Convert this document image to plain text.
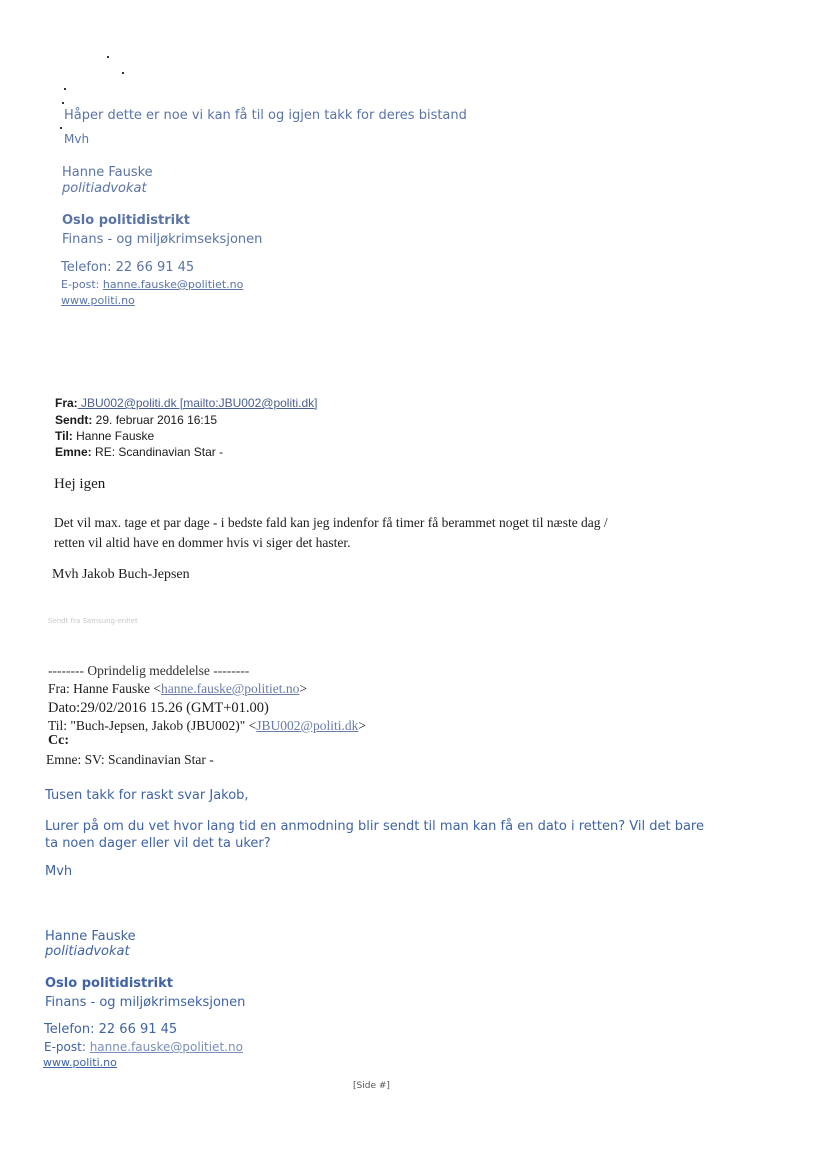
Håper dette er noe vi kan få til og igjen takk for deres bistand
Mvh
Hanne Fauske
politiadvokat
Oslo politidistrikt
Finans - og miljøkrimseksjonen
Telefon: 22 66 91 45
E-post: hanne.fauske@politiet.no
www.politi.no
Fra: JBU002@politi.dk [mailto:JBU002@politi.dk]
Sendt: 29. februar 2016 16:15
Til: Hanne Fauske
Emne: RE: Scandinavian Star -
Hej igen
Det vil max. tage et par dage - i bedste fald kan jeg indenfor få timer få berammet noget til næste dag /
retten vil altid have en dommer hvis vi siger det haster.
Mvh Jakob Buch-Jepsen
Sendt fra Samsung-enhet
-------- Oprindelig meddelelse --------
Fra: Hanne Fauske <hanne.fauske@politiet.no>
Dato:29/02/2016 15.26 (GMT+01.00)
Til: "Buch-Jepsen, Jakob (JBU002)" <JBU002@politi.dk>
Cc:
Emne: SV: Scandinavian Star -
Tusen takk for raskt svar Jakob,
Lurer på om du vet hvor lang tid en anmodning blir sendt til man kan få en dato i retten? Vil det bare
ta noen dager eller vil det ta uker?
Mvh
Hanne Fauske
politiadvokat
Oslo politidistrikt
Finans - og miljøkrimseksjonen
Telefon: 22 66 91 45
E-post: hanne.fauske@politiet.no
www.politi.no
[Side #]
